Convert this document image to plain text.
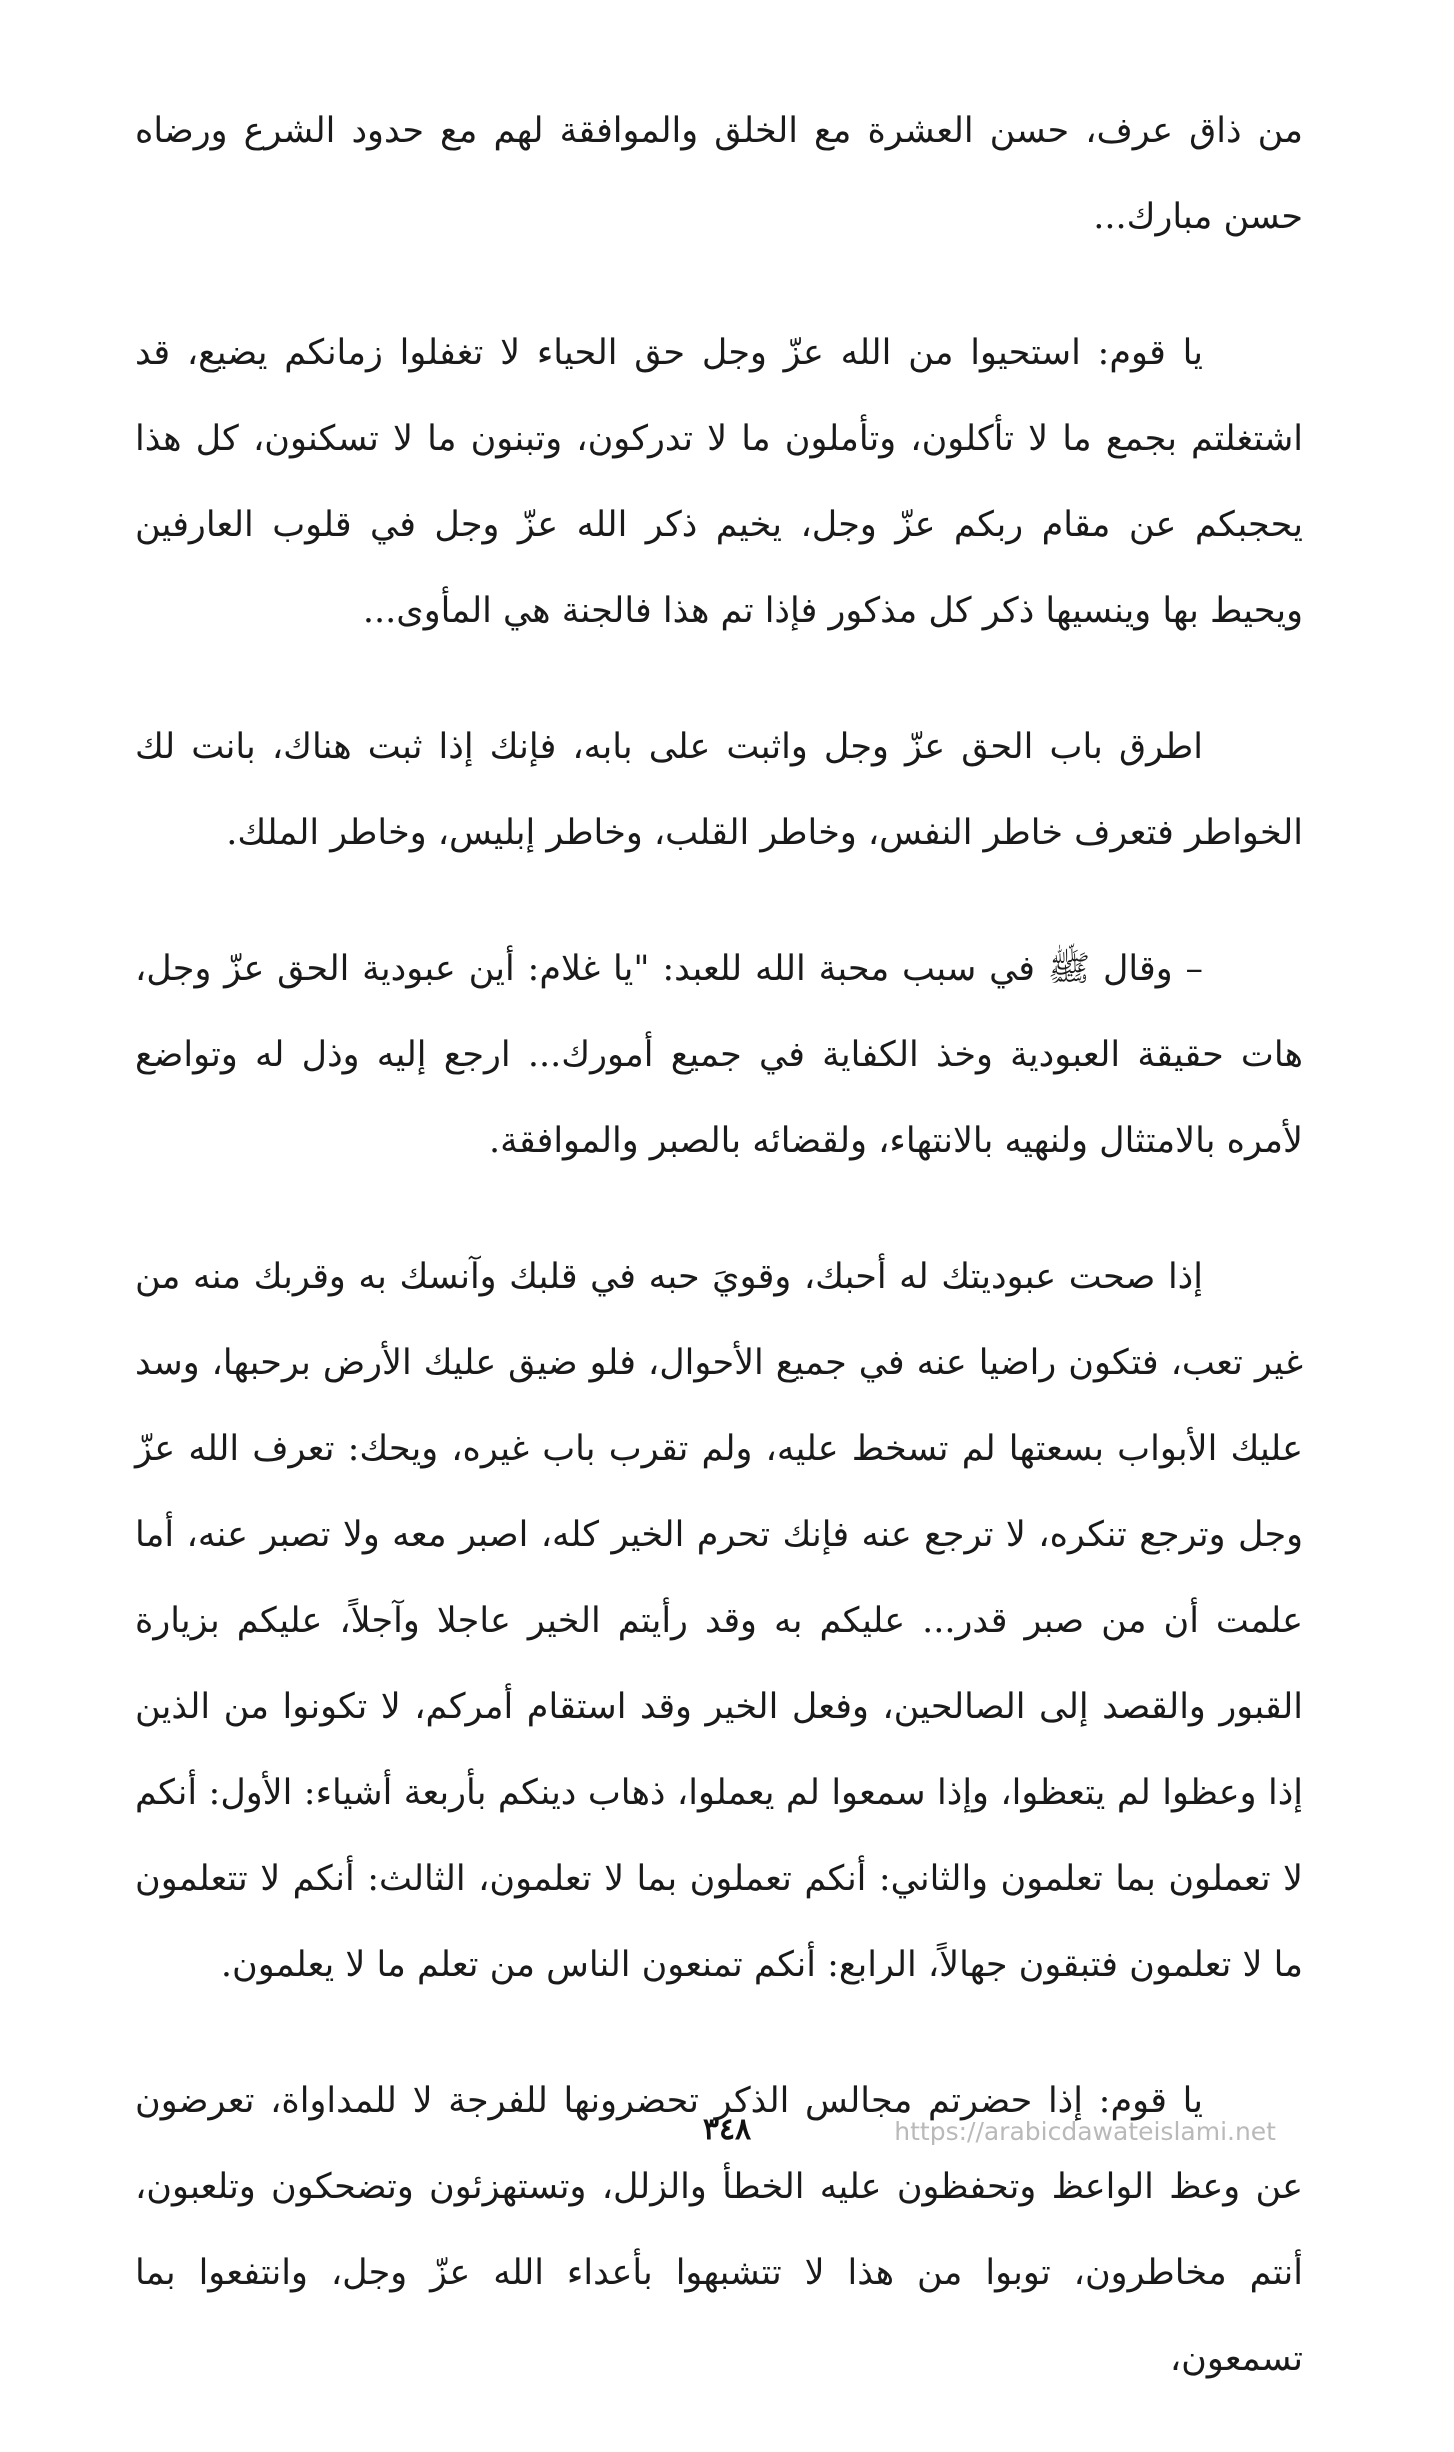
من ذاق عرف، حسن العشرة مع الخلق والموافقة لهم مع حدود الشرع ورضاه حسن مبارك...

يا قوم: استحيوا من الله عزّ وجل حق الحياء لا تغفلوا زمانكم يضيع، قد اشتغلتم بجمع ما لا تأكلون، وتأملون ما لا تدركون، وتبنون ما لا تسكنون، كل هذا يحجبكم عن مقام ربكم عزّ وجل، يخيم ذكر الله عزّ وجل في قلوب العارفين ويحيط بها وينسيها ذكر كل مذكور فإذا تم هذا فالجنة هي المأوى...

اطرق باب الحق عزّ وجل واثبت على بابه، فإنك إذا ثبت هناك، بانت لك الخواطر فتعرف خاطر النفس، وخاطر القلب، وخاطر إبليس، وخاطر الملك.

– وقال ﷺ في سبب محبة الله للعبد: "يا غلام: أين عبودية الحق عزّ وجل، هات حقيقة العبودية وخذ الكفاية في جميع أمورك... ارجع إليه وذل له وتواضع لأمره بالامتثال ولنهيه بالانتهاء، ولقضائه بالصبر والموافقة.

إذا صحت عبوديتك له أحبك، وقويَ حبه في قلبك وآنسك به وقربك منه من غير تعب، فتكون راضيا عنه في جميع الأحوال، فلو ضيق عليك الأرض برحبها، وسد عليك الأبواب بسعتها لم تسخط عليه، ولم تقرب باب غيره، ويحك: تعرف الله عزّ وجل وترجع تنكره، لا ترجع عنه فإنك تحرم الخير كله، اصبر معه ولا تصبر عنه، أما علمت أن من صبر قدر... عليكم به وقد رأيتم الخير عاجلا وآجلاً، عليكم بزيارة القبور والقصد إلى الصالحين، وفعل الخير وقد استقام أمركم، لا تكونوا من الذين إذا وعظوا لم يتعظوا، وإذا سمعوا لم يعملوا، ذهاب دينكم بأربعة أشياء: الأول: أنكم لا تعملون بما تعلمون والثاني: أنكم تعملون بما لا تعلمون، الثالث: أنكم لا تتعلمون ما لا تعلمون فتبقون جهالاً، الرابع: أنكم تمنعون الناس من تعلم ما لا يعلمون.

يا قوم: إذا حضرتم مجالس الذكر تحضرونها للفرجة لا للمداواة، تعرضون عن وعظ الواعظ وتحفظون عليه الخطأ والزلل، وتستهزئون وتضحكون وتلعبون، أنتم مخاطرون، توبوا من هذا لا تتشبهوا بأعداء الله عزّ وجل، وانتفعوا بما تسمعون،

٣٤٨	https://arabicdawateislami.net
